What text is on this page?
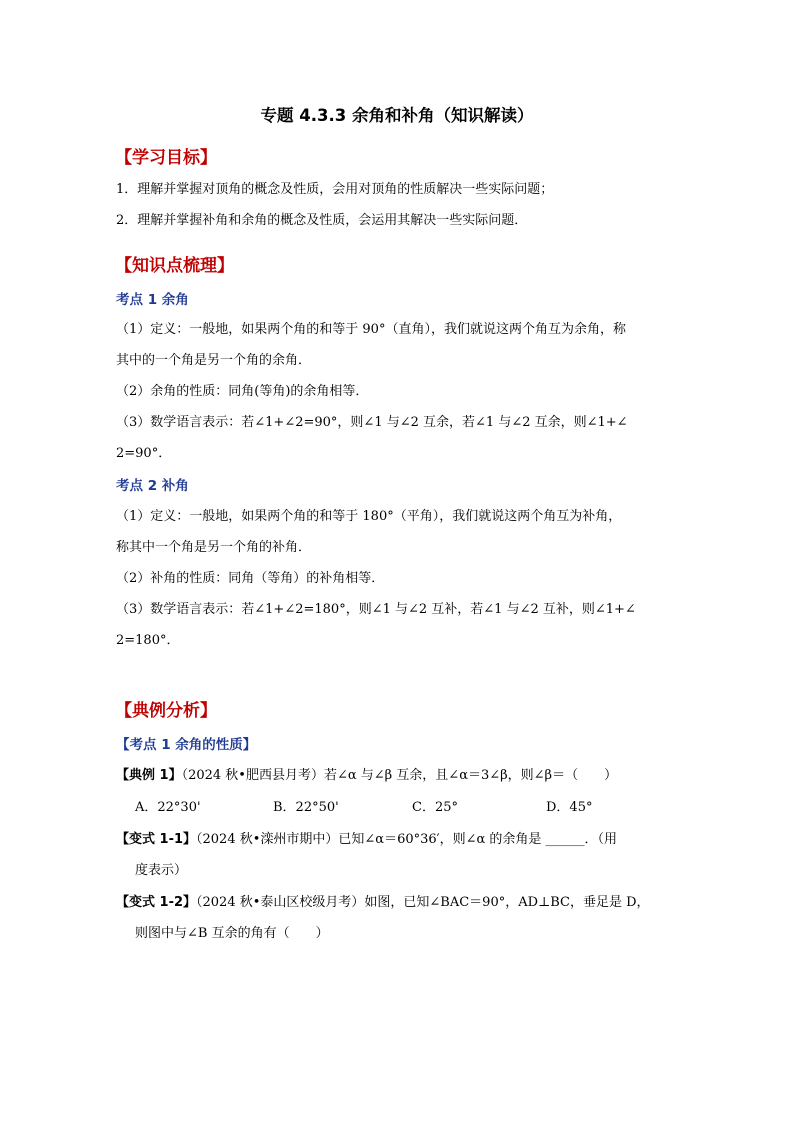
专题 4.3.3 余角和补角（知识解读）
【学习目标】
1．理解并掌握对顶角的概念及性质，会用对顶角的性质解决一些实际问题；
2．理解并掌握补角和余角的概念及性质，会运用其解决一些实际问题．
【知识点梳理】
考点 1 余角
（1）定义：一般地，如果两个角的和等于 90°（直角），我们就说这两个角互为余角，称
其中的一个角是另一个角的余角．
（2）余角的性质：同角(等角)的余角相等．
（3）数学语言表示：若∠1+∠2=90°，则∠1 与∠2 互余，若∠1 与∠2 互余，则∠1+∠
2=90°．
考点 2 补角
（1）定义：一般地，如果两个角的和等于 180°（平角），我们就说这两个角互为补角，
称其中一个角是另一个角的补角．
（2）补角的性质：同角（等角）的补角相等．
（3）数学语言表示：若∠1+∠2=180°，则∠1 与∠2 互补，若∠1 与∠2 互补，则∠1+∠
2=180°．
【典例分析】
【考点 1 余角的性质】
【典例 1】（2024 秋•肥西县月考）若∠α 与∠β 互余，且∠α＝3∠β，则∠β＝（　　）
A．22°30'	B．22°50'	C．25°	D．45°
【变式 1-1】（2024 秋•滦州市期中）已知∠α＝60°36′，则∠α 的余角是 ______．（用
度表示）
【变式 1-2】（2024 秋•泰山区校级月考）如图，已知∠BAC＝90°，AD⊥BC，垂足是 D，
则图中与∠B 互余的角有（　　）
